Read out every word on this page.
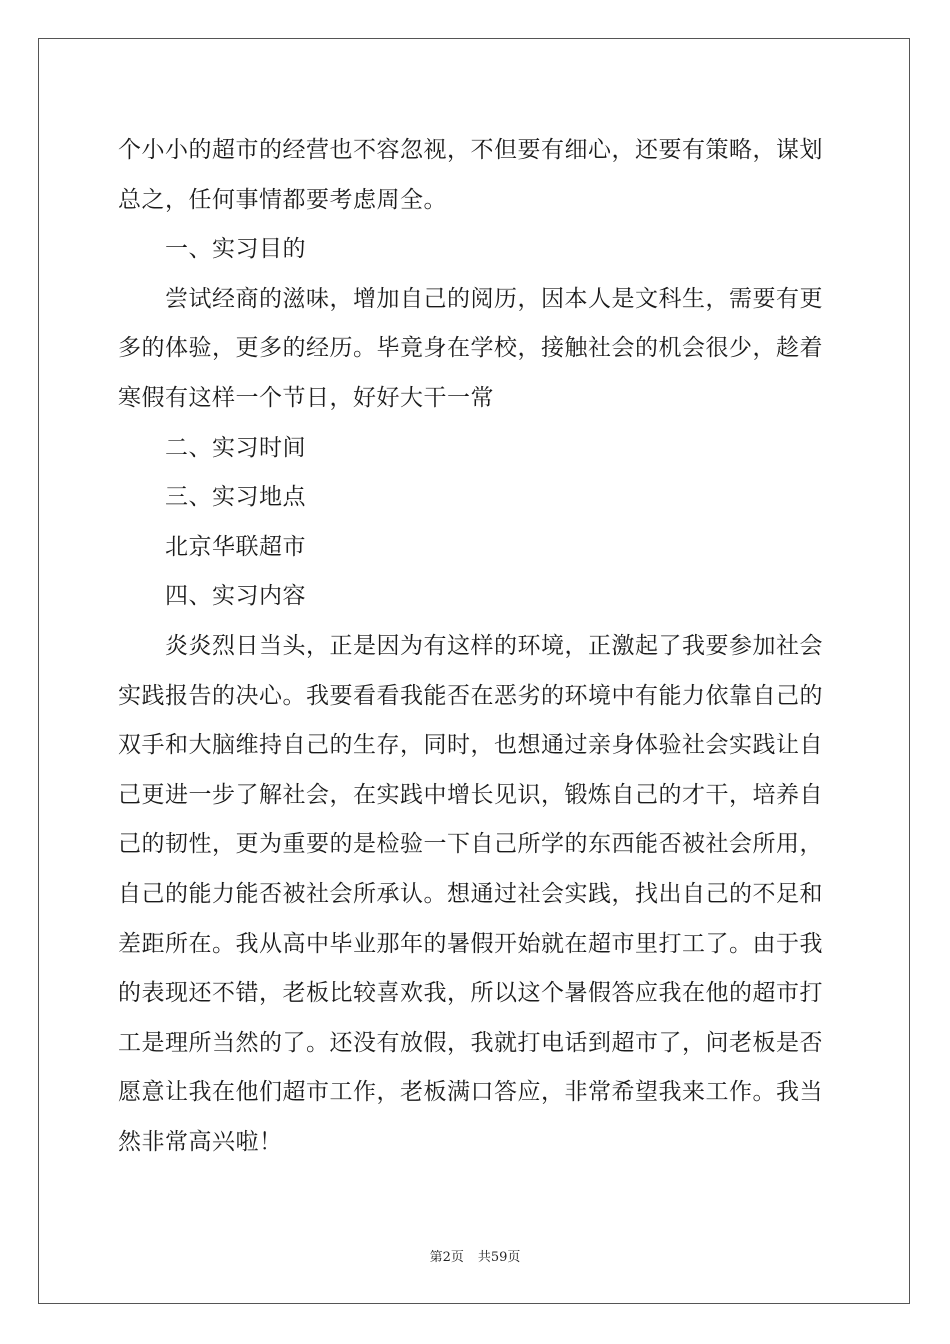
个小小的超市的经营也不容忽视，不但要有细心，还要有策略，谋划
总之，任何事情都要考虑周全。
一、实习目的
尝试经商的滋味，增加自己的阅历，因本人是文科生，需要有更
多的体验，更多的经历。毕竟身在学校，接触社会的机会很少，趁着
寒假有这样一个节日，好好大干一常
二、实习时间
三、实习地点
北京华联超市
四、实习内容
炎炎烈日当头，正是因为有这样的环境，正激起了我要参加社会
实践报告的决心。我要看看我能否在恶劣的环境中有能力依靠自己的
双手和大脑维持自己的生存，同时，也想通过亲身体验社会实践让自
己更进一步了解社会，在实践中增长见识，锻炼自己的才干，培养自
己的韧性，更为重要的是检验一下自己所学的东西能否被社会所用，
自己的能力能否被社会所承认。想通过社会实践，找出自己的不足和
差距所在。我从高中毕业那年的暑假开始就在超市里打工了。由于我
的表现还不错，老板比较喜欢我，所以这个暑假答应我在他的超市打
工是理所当然的了。还没有放假，我就打电话到超市了，问老板是否
愿意让我在他们超市工作，老板满口答应，非常希望我来工作。我当
然非常高兴啦！
第2页 共59页
